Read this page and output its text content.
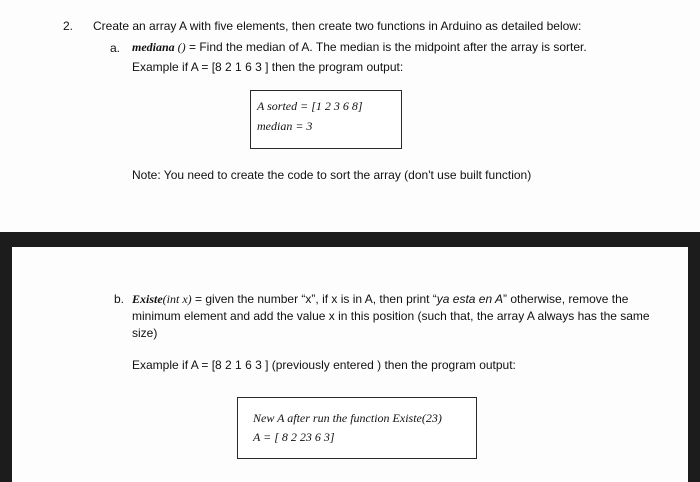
2. Create an array A with five elements, then create two functions in Arduino as detailed below:
a. mediana () = Find the median of A. The median is the midpoint after the array is sorter.
Example if A = [8 2 1 6 3 ] then the program output:
A sorted = [1 2 3 6 8]
median = 3
Note: You need to create the code to sort the array (don't use built function)
b. Existe(int x) = given the number “x”, if x is in A, then print “ya esta en A” otherwise, remove the minimum element and add the value x in this position (such that, the array A always has the same size)
Example if A = [8 2 1 6 3 ] (previously entered ) then the program output:
New A after run the function Existe(23)
A = [ 8 2 23 6 3]
